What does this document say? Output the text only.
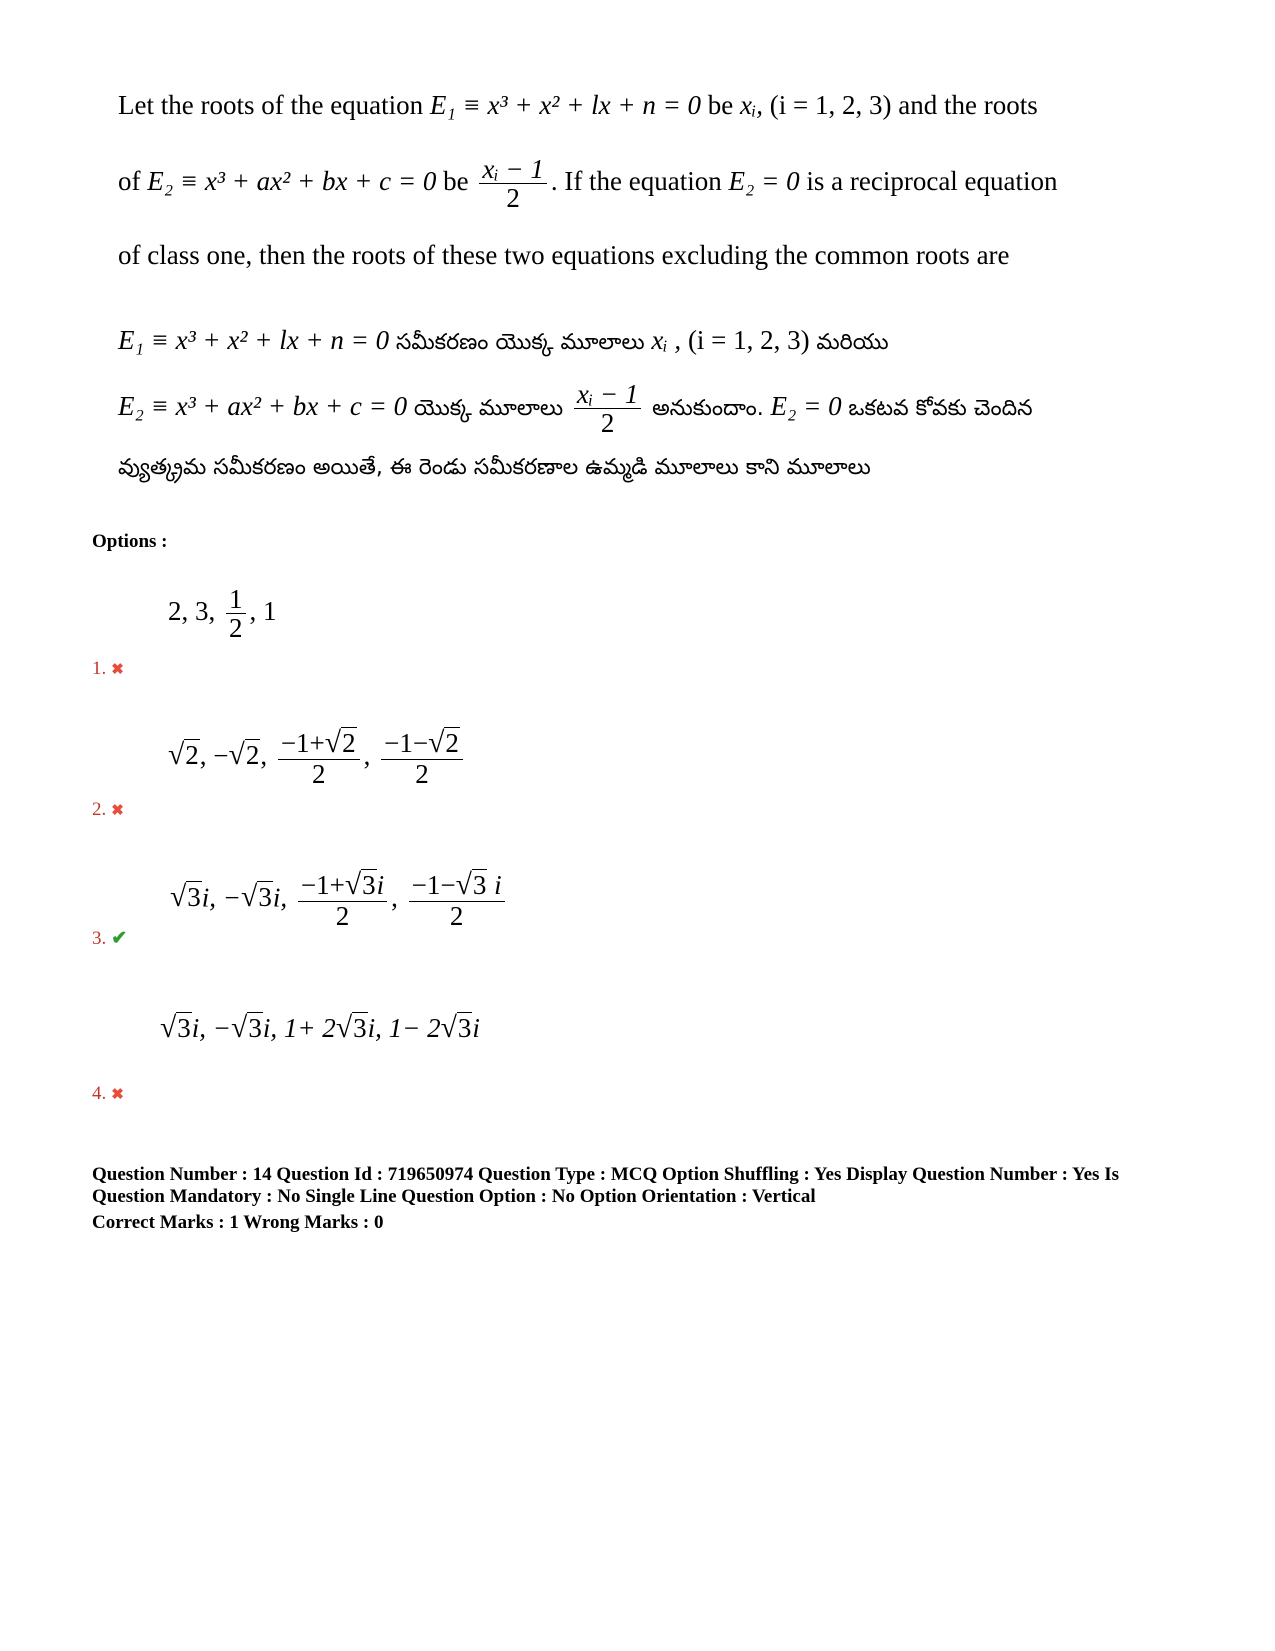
Let the roots of the equation E₁ ≡ x³ + x² + lx + n = 0 be xᵢ, (i = 1, 2, 3) and the roots
of E₂ ≡ x³ + ax² + bx + c = 0 be $\frac{\text{xᵢ − 1}}{2}$ . If the equation E₂ = 0 is a reciprocal equation
of class one, then the roots of these two equations excluding the common roots are
E₁ ≡ x³ + x² + lx + n = 0 సమీకరణం యొక్క మూలాలు xᵢ , (i = 1, 2, 3) మరియు
E₂ ≡ x³ + ax² + bx + c = 0 యొక్క మూలాలు $\frac{\text{xᵢ − 1}}{2}$ అనుకుందాం. E₂ = 0 ఒకటవ కోవకు చెందిన
వ్యుత్క్రమ సమీకరణం అయితే, ఈ రెండు సమీకరణాల ఉమ్మడి మూలాలు కాని మూలాలు
Options :
2, 3, $\frac{1}{2}$ , 1
1. ✖
√2, −√2, $\frac{-1+√2}{2}$ , $\frac{-1-√2}{2}$
2. ✖
√3i, −√3i, $\frac{-1+√3i}{2}$ , $\frac{-1-√3 i}{2}$
3. ✔
√3i, −√3i, 1+ 2√3i, 1− 2√3i
4. ✖
Question Number : 14 Question Id : 719650974 Question Type : MCQ Option Shuffling : Yes Display Question Number : Yes Is
Question Mandatory : No Single Line Question Option : No Option Orientation : Vertical
Correct Marks : 1 Wrong Marks : 0
